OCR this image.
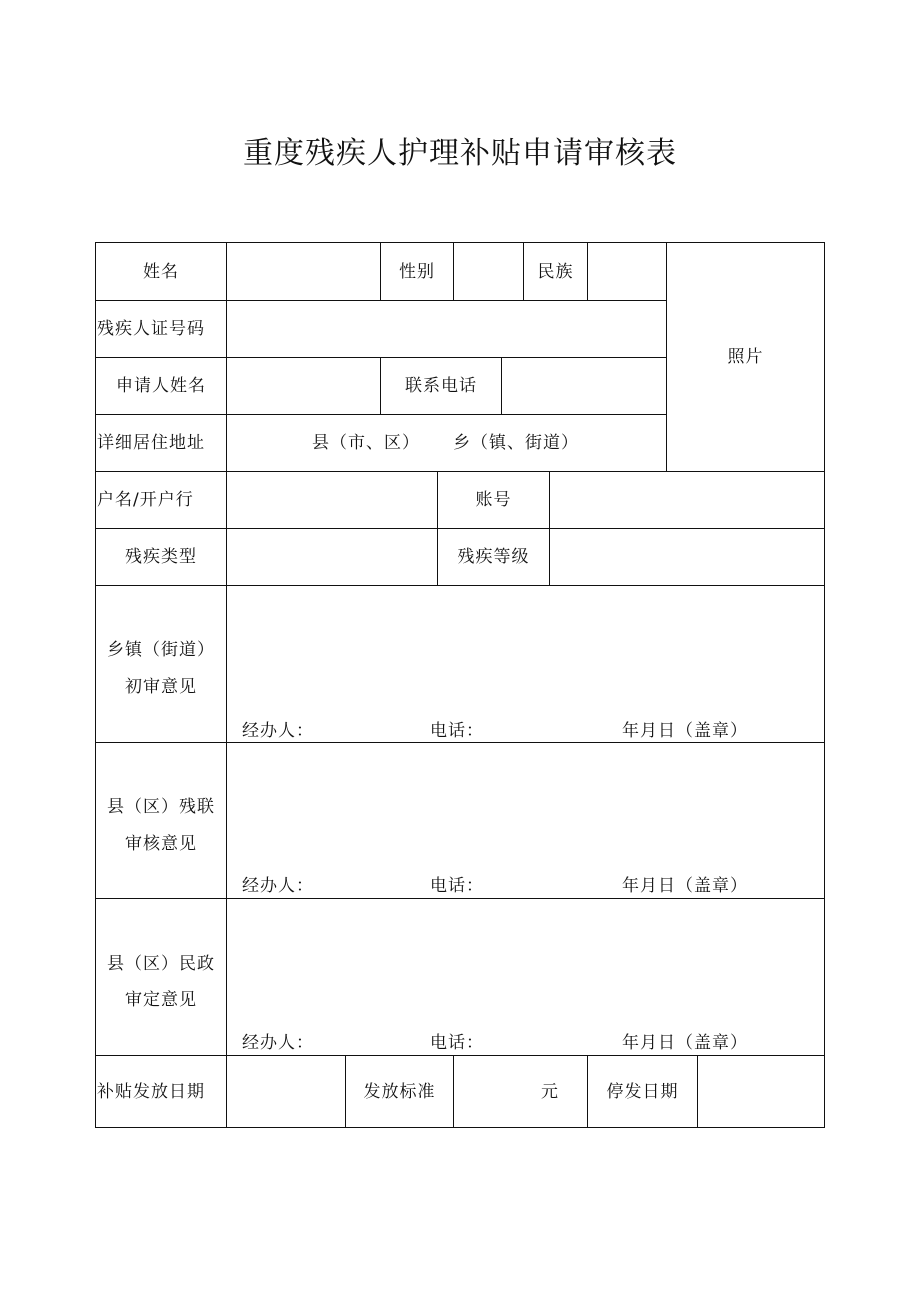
重度残疾人护理补贴申请审核表
姓名	性别	民族
照片
残疾人证号码
申请人姓名	联系电话
详细居住地址	县（市、区） 乡（镇、街道）
户名/开户行	账号
残疾类型	残疾等级
乡镇（街道）
初审意见
经办人：	电话：	年月日（盖章）
县（区）残联
审核意见
经办人：	电话：	年月日（盖章）
县（区）民政
审定意见
经办人：	电话：	年月日（盖章）
补贴发放日期	发放标准	元	停发日期
